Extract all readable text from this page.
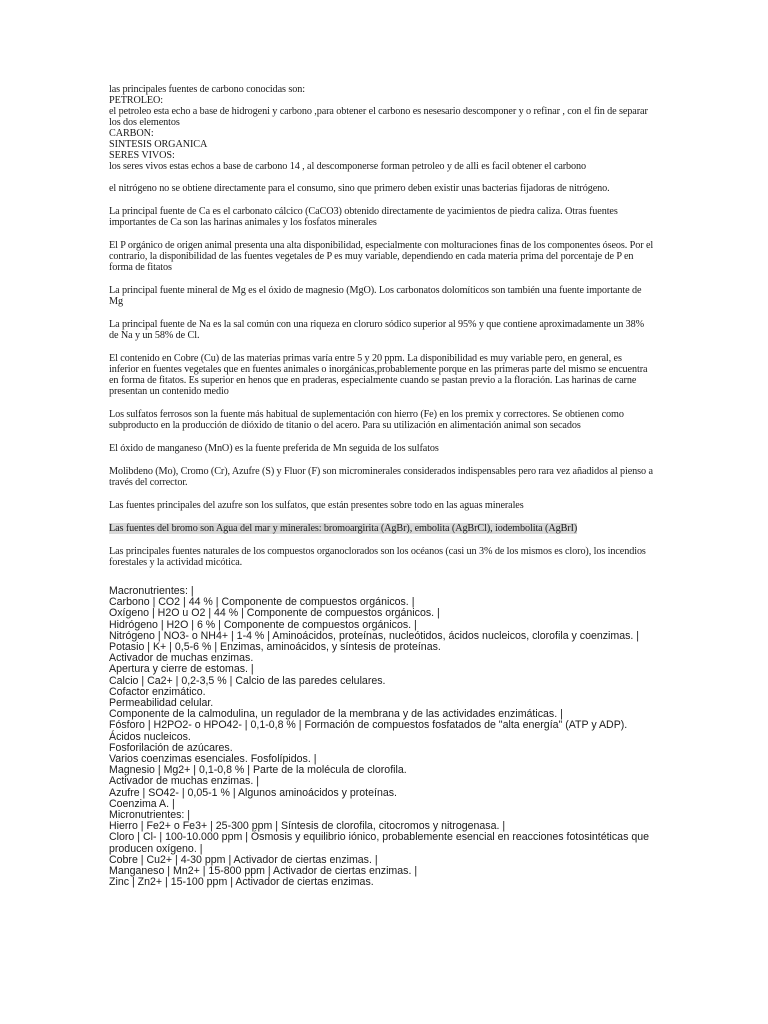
las principales fuentes de carbono conocidas son:

PETROLEO:

el petroleo esta echo a base de hidrogeni y carbono ,para obtener el carbono es nesesario descomponer y o refinar , con el fin de separar los dos elementos

CARBON:

SINTESIS ORGANICA

SERES VIVOS:

los seres vivos estas echos a base de carbono 14 , al descomponerse forman petroleo y de alli es facil obtener el carbono

el nitrógeno no se obtiene directamente para el consumo, sino que primero deben existir unas bacterias fijadoras de nitrógeno.

La principal fuente de Ca es el carbonato cálcico (CaCO3) obtenido directamente de yacimientos de piedra caliza. Otras fuentes importantes de Ca son las harinas animales y los fosfatos minerales

El P orgánico de origen animal presenta una alta disponibilidad, especialmente con molturaciones finas de los componentes óseos. Por el contrario, la disponibilidad de las fuentes vegetales de P es muy variable, dependiendo en cada materia prima del porcentaje de P en forma de fitatos

La principal fuente mineral de Mg es el óxido de magnesio (MgO). Los carbonatos dolomíticos son también una fuente importante de Mg

La principal fuente de Na es la sal común con una riqueza en cloruro sódico superior al 95% y que contiene aproximadamente un 38% de Na y un 58% de Cl.

El contenido en Cobre (Cu) de las materias primas varía entre 5 y 20 ppm. La disponibilidad es muy variable pero, en general, es inferior en fuentes vegetales que en fuentes animales o inorgánicas,probablemente porque en las primeras parte del mismo se encuentra en forma de fitatos. Es superior en henos que en praderas, especialmente cuando se pastan previo a la floración. Las harinas de carne presentan un contenido medio

Los sulfatos ferrosos son la fuente más habitual de suplementación con hierro (Fe) en los premix y correctores. Se obtienen como subproducto en la producción de dióxido de titanio o del acero. Para su utilización en alimentación animal son secados

El óxido de manganeso (MnO) es la fuente preferida de Mn seguida de los sulfatos

Molibdeno (Mo), Cromo (Cr), Azufre (S) y Fluor (F) son microminerales considerados indispensables pero rara vez añadidos al pienso a través del corrector.

Las fuentes principales del azufre son los sulfatos, que están presentes sobre todo en las aguas minerales

Las fuentes del bromo son Agua del mar y minerales: bromoargirita (AgBr), embolita (AgBrCl), iodembolita (AgBrI)

Las principales fuentes naturales de los compuestos organoclorados son los océanos (casi un 3% de los mismos es cloro), los incendios forestales y la actividad micótica.

Macronutrientes: |
Carbono | CO2 | 44 % | Componente de compuestos orgánicos. |
Oxígeno | H2O u O2 | 44 % | Componente de compuestos orgánicos. |
Hidrógeno | H2O | 6 % | Componente de compuestos orgánicos. |
Nitrógeno | NO3- o NH4+ | 1-4 % | Aminoácidos, proteínas, nucleótidos, ácidos nucleicos, clorofila y coenzimas. |
Potasio | K+ | 0,5-6 % | Enzimas, aminoácidos, y síntesis de proteínas.
Activador de muchas enzimas.
Apertura y cierre de estomas. |
Calcio | Ca2+ | 0,2-3,5 % | Calcio de las paredes celulares.
Cofactor enzimático.
Permeabilidad celular.
Componente de la calmodulina, un regulador de la membrana y de las actividades enzimáticas. |
Fósforo | H2PO2- o HPO42- | 0,1-0,8 % | Formación de compuestos fosfatados de "alta energía" (ATP y ADP).
Ácidos nucleicos.
Fosforilación de azúcares.
Varios coenzimas esenciales. Fosfolípidos. |
Magnesio | Mg2+ | 0,1-0,8 % | Parte de la molécula de clorofila.
Activador de muchas enzimas. |
Azufre | SO42- | 0,05-1 % | Algunos aminoácidos y proteínas.
Coenzima A. |
Micronutrientes: |
Hierro | Fe2+ o Fe3+ | 25-300 ppm | Síntesis de clorofila, citocromos y nitrogenasa. |
Cloro | Cl- | 100-10.000 ppm | Ósmosis y equilibrio iónico, probablemente esencial en reacciones fotosintéticas que producen oxígeno. |
Cobre | Cu2+ | 4-30 ppm | Activador de ciertas enzimas. |
Manganeso | Mn2+ | 15-800 ppm | Activador de ciertas enzimas. |
Zinc | Zn2+ | 15-100 ppm | Activador de ciertas enzimas.
